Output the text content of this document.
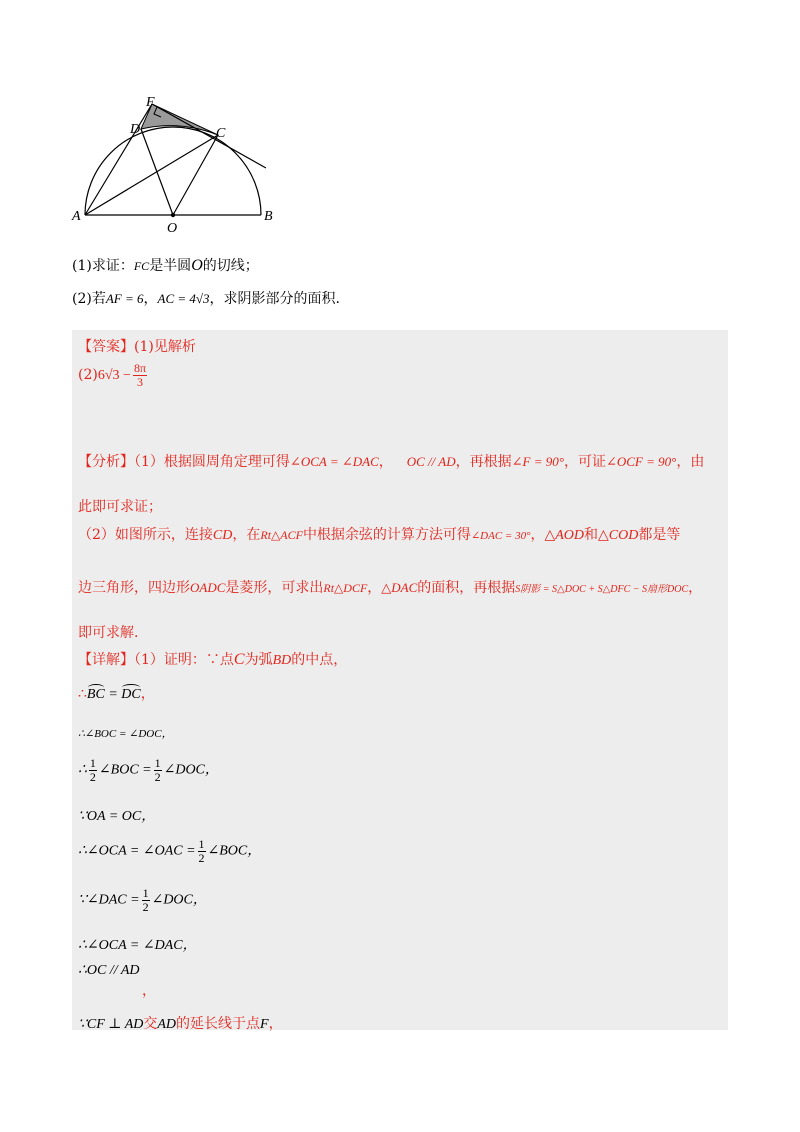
F
D	C
A
O
B
(1)求证：FC是半圆O的切线；
(2)若AF = 6，AC = 4√3，求阴影部分的面积.
【答案】(1)见解析
$(2)6√3 - \frac{8\pi}{3}$
【分析】（1）根据圆周角定理可得∠OCA = ∠DAC， OC // AD，再根据∠F = 90°，可证∠OCF = 90°，由
此即可求证；
（2）如图所示，连接CD，在Rt△ACF中根据余弦的计算方法可得∠DAC = 30°，△AOD和△COD都是等
边三角形，四边形OADC是菱形，可求出Rt△DCF，△DAC的面积，再根据S阴影 = S△DOC + S△DFC − S扇形DOC，
即可求解.
【详解】（1）证明：∵点C为弧BD的中点，
∴BC = DC，
∴∠BOC = ∠DOC，
∴ $\frac{1}{2}$ ∠BOC = $\frac{1}{2}$ ∠DOC，
∵OA = OC，
∴∠OCA = ∠OAC = $\frac{1}{2}$ ∠BOC，
∵∠DAC = $\frac{1}{2}$ ∠DOC，
∴∠OCA = ∠DAC，
∴OC // AD
，
∵CF ⊥ AD交AD的延长线于点F，
